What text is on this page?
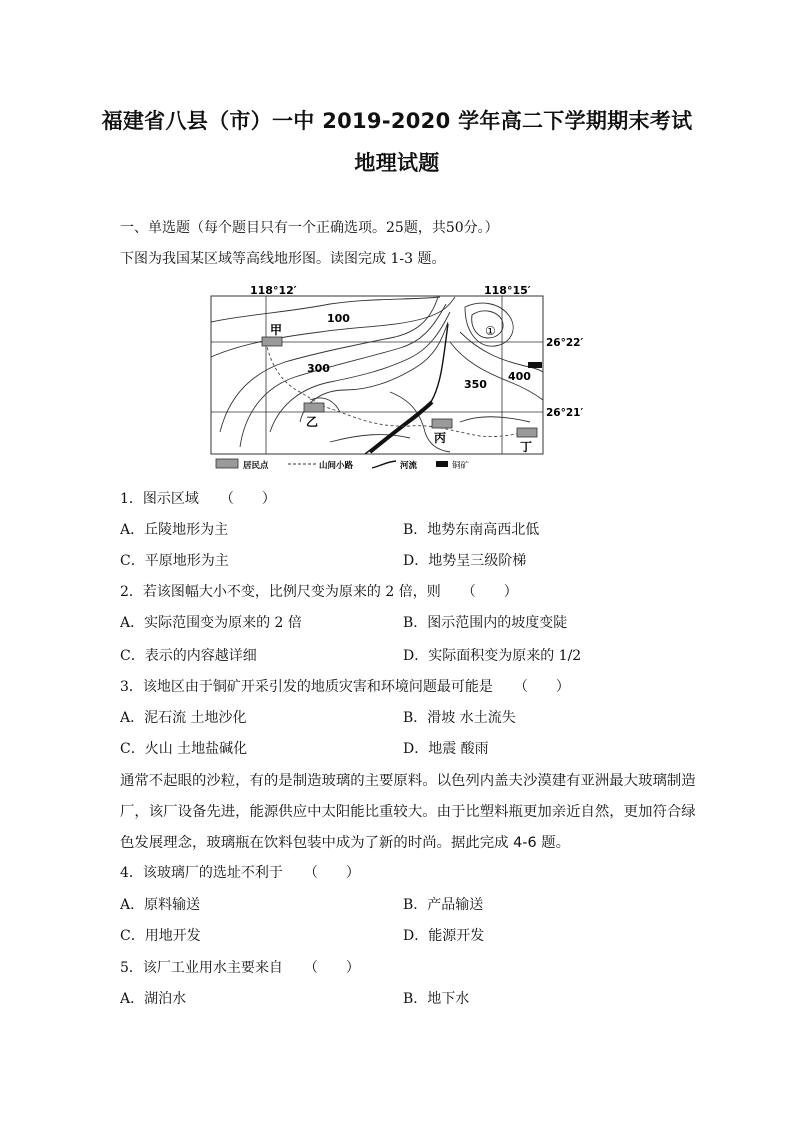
福建省八县（市）一中 2019-2020 学年高二下学期期末考试
地理试题
一、单选题（每个题目只有一个正确选项。25题，共50分。）
下图为我国某区域等高线地形图。读图完成 1-3 题。
118°12′	118°15′
26°22′
26°21′
100
300
350
400
①
甲
乙
丙
丁
居民点	山间小路	河流	铜矿
1．图示区域　　（　　）
A．丘陵地形为主	B．地势东南高西北低
C．平原地形为主	D．地势呈三级阶梯
2．若该图幅大小不变，比例尺变为原来的 2 倍，则　　（　　）
A．实际范围变为原来的 2 倍	B．图示范围内的坡度变陡
C．表示的内容越详细	D．实际面积变为原来的 1/2
3．该地区由于铜矿开采引发的地质灾害和环境问题最可能是　　（　　）
A．泥石流 土地沙化	B．滑坡 水土流失
C．火山 土地盐碱化	D．地震 酸雨
通常不起眼的沙粒，有的是制造玻璃的主要原料。以色列内盖夫沙漠建有亚洲最大玻璃制造
厂，该厂设备先进，能源供应中太阳能比重较大。由于比塑料瓶更加亲近自然，更加符合绿
色发展理念，玻璃瓶在饮料包装中成为了新的时尚。据此完成 4-6 题。
4．该玻璃厂的选址不利于　　（　　）
A．原料输送	B．产品输送
C．用地开发	D．能源开发
5．该厂工业用水主要来自　　（　　）
A．湖泊水	B．地下水
